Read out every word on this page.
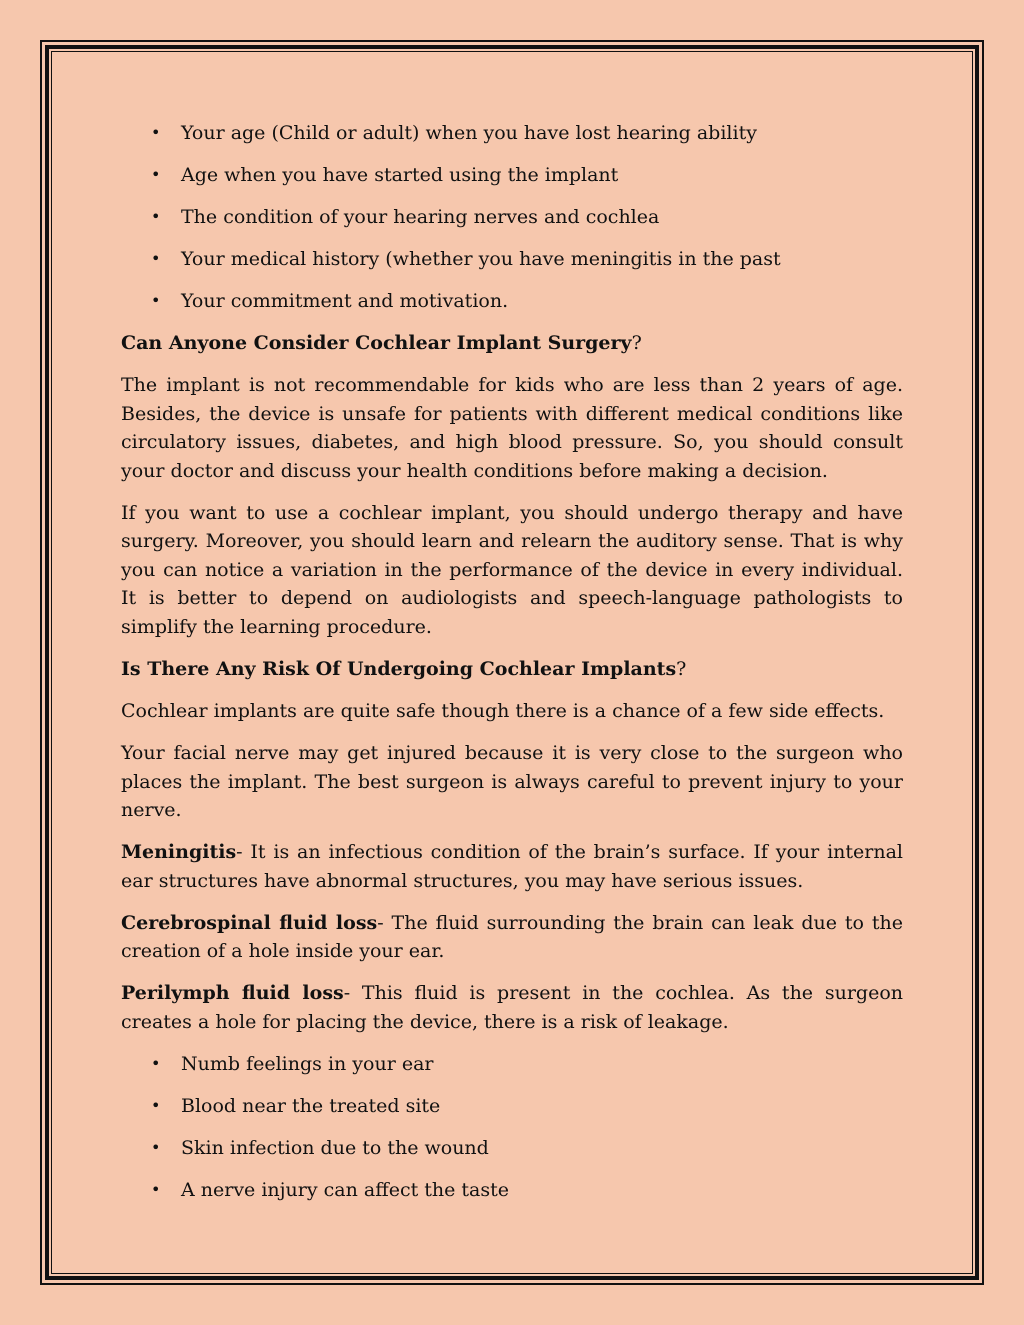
• Your age (Child or adult) when you have lost hearing ability
• Age when you have started using the implant
• The condition of your hearing nerves and cochlea
• Your medical history (whether you have meningitis in the past
• Your commitment and motivation.
Can Anyone Consider Cochlear Implant Surgery?

The implant is not recommendable for kids who are less than 2 years of age. Besides, the device is unsafe for patients with different medical conditions like circulatory issues, diabetes, and high blood pressure. So, you should consult your doctor and discuss your health conditions before making a decision.

If you want to use a cochlear implant, you should undergo therapy and have surgery. Moreover, you should learn and relearn the auditory sense. That is why you can notice a variation in the performance of the device in every individual. It is better to depend on audiologists and speech-language pathologists to simplify the learning procedure.

Is There Any Risk Of Undergoing Cochlear Implants?

Cochlear implants are quite safe though there is a chance of a few side effects.

Your facial nerve may get injured because it is very close to the surgeon who places the implant. The best surgeon is always careful to prevent injury to your nerve.

Meningitis- It is an infectious condition of the brain’s surface. If your internal ear structures have abnormal structures, you may have serious issues.

Cerebrospinal fluid loss- The fluid surrounding the brain can leak due to the creation of a hole inside your ear.

Perilymph fluid loss- This fluid is present in the cochlea. As the surgeon creates a hole for placing the device, there is a risk of leakage.

• Numb feelings in your ear
• Blood near the treated site
• Skin infection due to the wound
• A nerve injury can affect the taste
